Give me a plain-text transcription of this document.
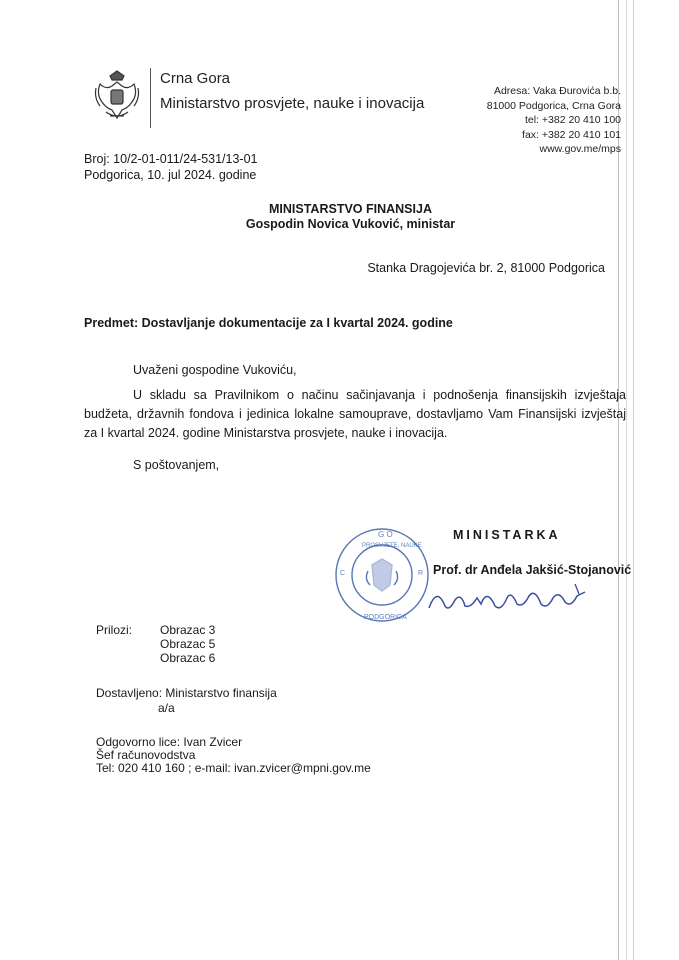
Crna Gora
Ministarstvo prosvjete, nauke i inovacija
Adresa: Vaka Đurovića b.b.
81000 Podgorica, Crna Gora
tel: +382 20 410 100
fax: +382 20 410 101
www.gov.me/mps
Broj: 10/2-01-011/24-531/13-01
Podgorica, 10. jul 2024. godine
MINISTARSTVO FINANSIJA
Gospodin Novica Vuković, ministar
Stanka Dragojevića br. 2, 81000 Podgorica
Predmet: Dostavljanje dokumentacije za I kvartal 2024. godine
Uvaženi gospodine Vukoviću,
U skladu sa Pravilnikom o načinu sačinjavanja i podnošenja finansijskih izvještaja budžeta, državnih fondova i jedinica lokalne samouprave, dostavljamo Vam Finansijski izvještaj za I kvartal 2024. godine Ministarstva prosvjete, nauke i inovacija.
S poštovanjem,
G O
PROSVJETE, NAUKE
C	R
PODGORICA
MINISTARKA
Prof. dr Anđela Jakšić-Stojanović
Prilozi: Obrazac 3
Obrazac 5
Obrazac 6
Dostavljeno: Ministarstvo finansija
a/a
Odgovorno lice: Ivan Zvicer
Šef računovodstva
Tel: 020 410 160 ; e-mail: ivan.zvicer@mpni.gov.me
